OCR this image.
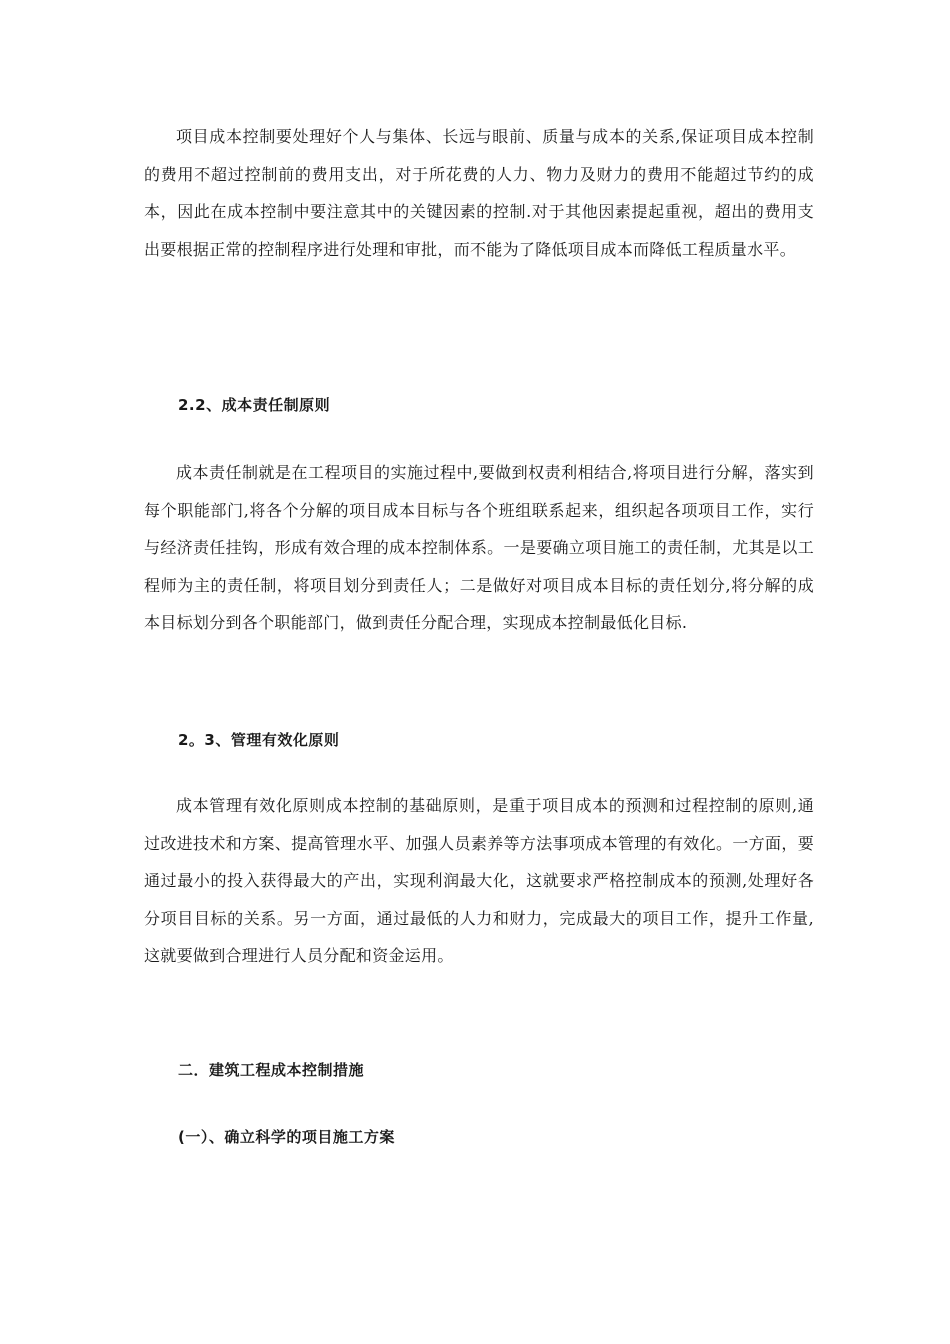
项目成本控制要处理好个人与集体、长远与眼前、质量与成本的关系,保证项目成本控制的费用不超过控制前的费用支出，对于所花费的人力、物力及财力的费用不能超过节约的成本，因此在成本控制中要注意其中的关键因素的控制.对于其他因素提起重视，超出的费用支出要根据正常的控制程序进行处理和审批，而不能为了降低项目成本而降低工程质量水平。

2.2、成本责任制原则

成本责任制就是在工程项目的实施过程中,要做到权责利相结合,将项目进行分解，落实到每个职能部门,将各个分解的项目成本目标与各个班组联系起来，组织起各项项目工作，实行与经济责任挂钩，形成有效合理的成本控制体系。一是要确立项目施工的责任制，尤其是以工程师为主的责任制，将项目划分到责任人；二是做好对项目成本目标的责任划分,将分解的成本目标划分到各个职能部门，做到责任分配合理，实现成本控制最低化目标.

2。3、管理有效化原则

成本管理有效化原则成本控制的基础原则，是重于项目成本的预测和过程控制的原则,通过改进技术和方案、提高管理水平、加强人员素养等方法事项成本管理的有效化。一方面，要通过最小的投入获得最大的产出，实现利润最大化，这就要求严格控制成本的预测,处理好各分项目目标的关系。另一方面，通过最低的人力和财力，完成最大的项目工作，提升工作量,这就要做到合理进行人员分配和资金运用。

二．建筑工程成本控制措施
(一）、确立科学的项目施工方案
